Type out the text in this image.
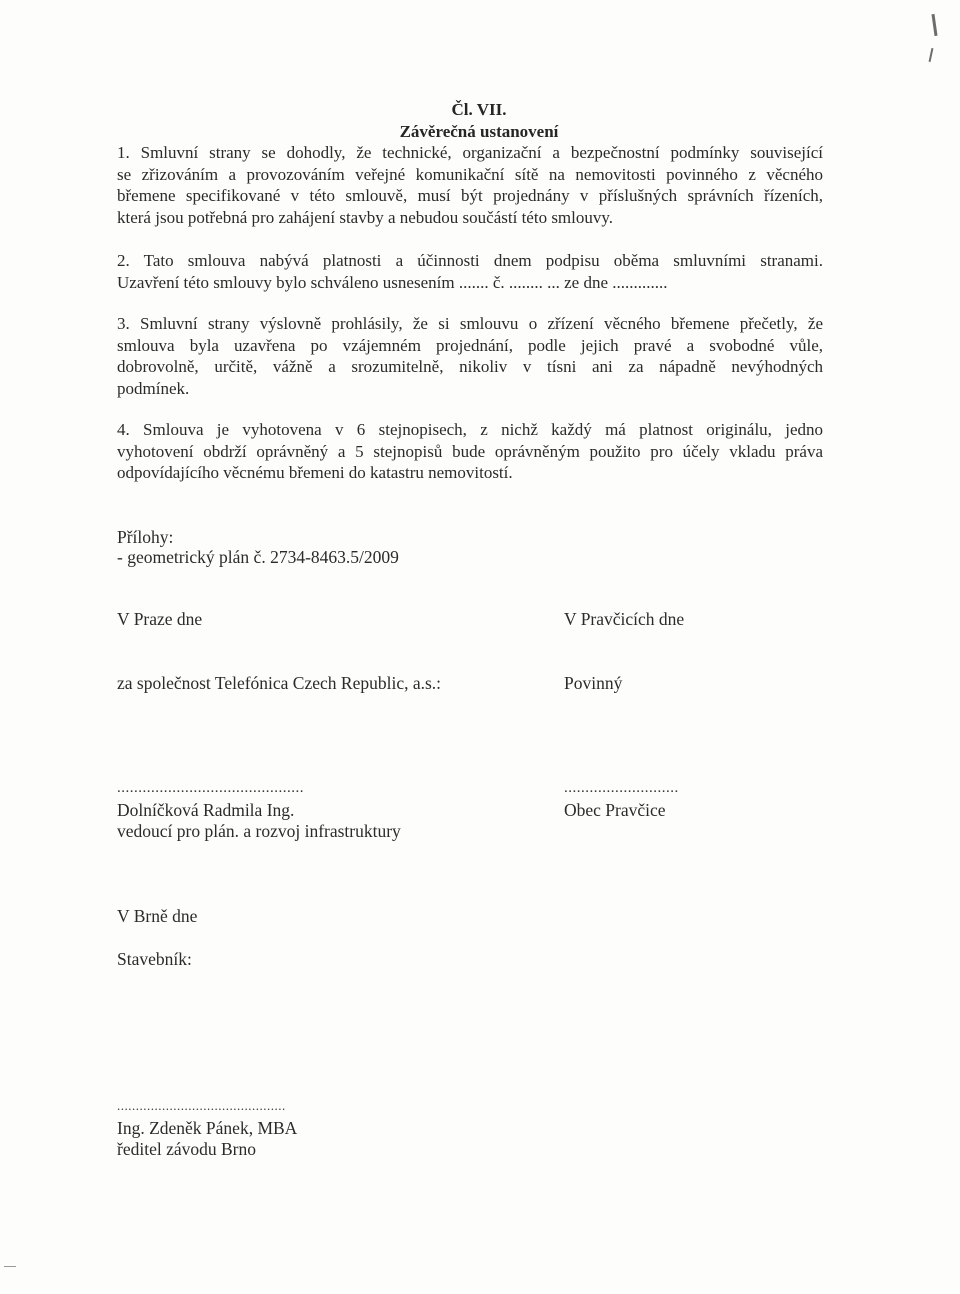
Čl. VII.
Závěrečná ustanovení
1. Smluvní strany se dohodly, že technické, organizační a bezpečnostní podmínky související
se zřizováním a provozováním veřejné komunikační sítě na nemovitosti povinného z věcného
břemene specifikované v této smlouvě, musí být projednány v příslušných správních řízeních,
která jsou potřebná pro zahájení stavby a nebudou součástí této smlouvy.
2. Tato smlouva nabývá platnosti a účinnosti dnem podpisu oběma smluvními stranami.
Uzavření této smlouvy bylo schváleno usnesením ....... č. ........ ... ze dne .............
3. Smluvní strany výslovně prohlásily, že si smlouvu o zřízení věcného břemene přečetly, že
smlouva byla uzavřena po vzájemném projednání, podle jejich pravé a svobodné vůle,
dobrovolně, určitě, vážně a srozumitelně, nikoliv v tísni ani za nápadně nevýhodných
podmínek.
4. Smlouva je vyhotovena v 6 stejnopisech, z nichž každý má platnost originálu, jedno
vyhotovení obdrží oprávněný a 5 stejnopisů bude oprávněným použito pro účely vkladu práva
odpovídajícího věcnému břemeni do katastru nemovitostí.
Přílohy:
- geometrický plán č. 2734-8463.5/2009
V Praze dne
za společnost Telefónica Czech Republic, a.s.:
............................................
Dolníčková Radmila Ing.
vedoucí pro plán. a rozvoj infrastruktury
V Pravčicích dne
Povinný
...........................
Obec Pravčice
V Brně dne
Stavebník:
.............................................
Ing. Zdeněk Pánek, MBA
ředitel závodu Brno
